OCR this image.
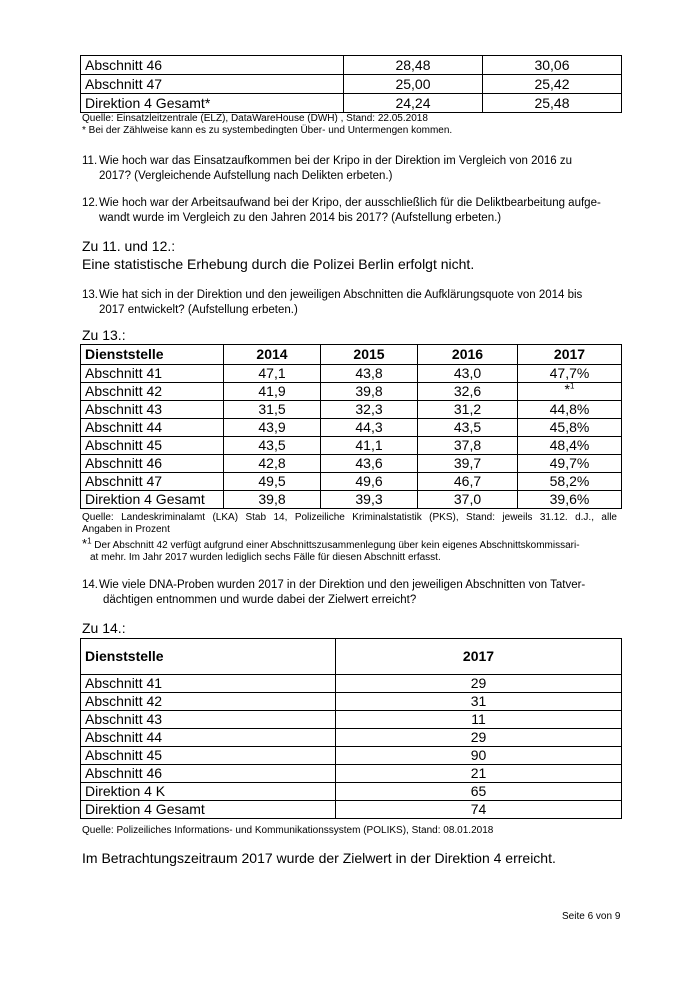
Abschnitt 46	28,48	30,06
Abschnitt 47	25,00	25,42
Direktion 4 Gesamt*	24,24	25,48
Quelle: Einsatzleitzentrale (ELZ), DataWareHouse (DWH) , Stand: 22.05.2018
* Bei der Zählweise kann es zu systembedingten Über- und Untermengen kommen.
11. Wie hoch war das Einsatzaufkommen bei der Kripo in der Direktion im Vergleich von 2016 zu
2017? (Vergleichende Aufstellung nach Delikten erbeten.)
12. Wie hoch war der Arbeitsaufwand bei der Kripo, der ausschließlich für die Deliktbearbeitung aufge-
wandt wurde im Vergleich zu den Jahren 2014 bis 2017? (Aufstellung erbeten.)
Zu 11. und 12.:
Eine statistische Erhebung durch die Polizei Berlin erfolgt nicht.
13. Wie hat sich in der Direktion und den jeweiligen Abschnitten die Aufklärungsquote von 2014 bis
2017 entwickelt? (Aufstellung erbeten.)
Zu 13.:
Dienststelle	2014	2015	2016	2017
Abschnitt 41	47,1	43,8	43,0	47,7%
Abschnitt 42	41,9	39,8	32,6	*$^1$
Abschnitt 43	31,5	32,3	31,2	44,8%
Abschnitt 44	43,9	44,3	43,5	45,8%
Abschnitt 45	43,5	41,1	37,8	48,4%
Abschnitt 46	42,8	43,6	39,7	49,7%
Abschnitt 47	49,5	49,6	46,7	58,2%
Direktion 4 Gesamt	39,8	39,3	37,0	39,6%
Quelle: Landeskriminalamt (LKA) Stab 14, Polizeiliche Kriminalstatistik (PKS), Stand: jeweils 31.12. d.J., alle
Angaben in Prozent
*$^1$ Der Abschnitt 42 verfügt aufgrund einer Abschnittszusammenlegung über kein eigenes Abschnittskommissari-
at mehr. Im Jahr 2017 wurden lediglich sechs Fälle für diesen Abschnitt erfasst.
14. Wie viele DNA-Proben wurden 2017 in der Direktion und den jeweiligen Abschnitten von Tatver-
dächtigen entnommen und wurde dabei der Zielwert erreicht?
Zu 14.:
Dienststelle	2017
Abschnitt 41	29
Abschnitt 42	31
Abschnitt 43	11
Abschnitt 44	29
Abschnitt 45	90
Abschnitt 46	21
Direktion 4 K	65
Direktion 4 Gesamt	74
Quelle: Polizeiliches Informations- und Kommunikationssystem (POLIKS), Stand: 08.01.2018
Im Betrachtungszeitraum 2017 wurde der Zielwert in der Direktion 4 erreicht.
Seite 6 von 9
